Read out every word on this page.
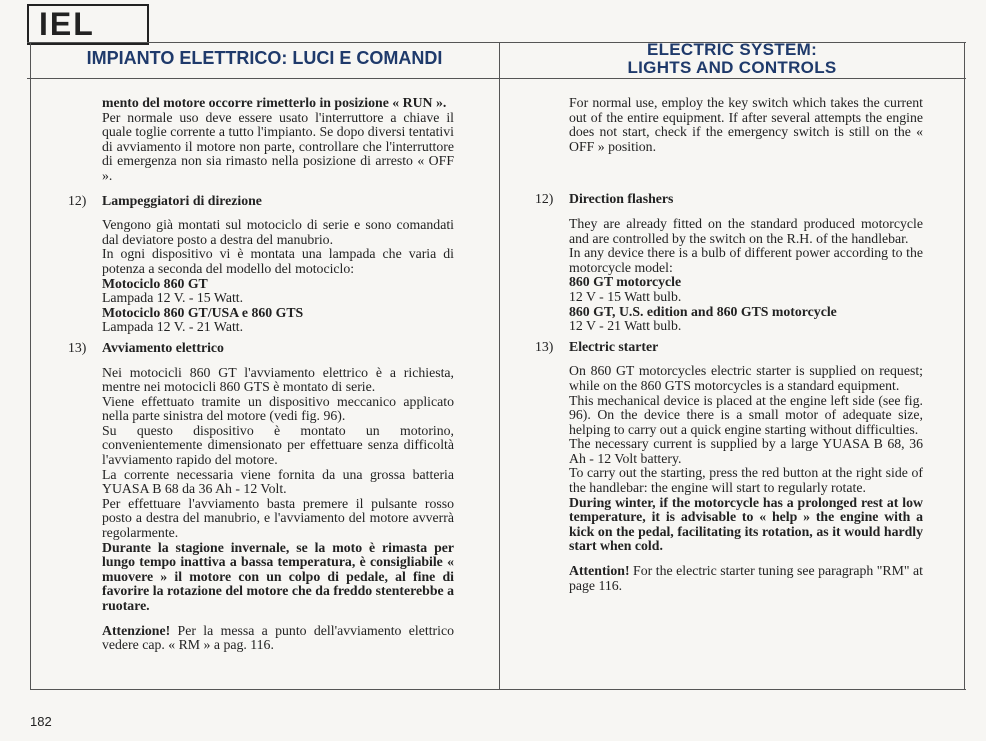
IEL
IMPIANTO ELETTRICO: LUCI E COMANDI	ELECTRIC SYSTEM:
LIGHTS AND CONTROLS

mento del motore occorre rimetterlo in posizione « RUN ».

Per normale uso deve essere usato l'interruttore a chiave il quale toglie corrente a tutto l'impianto. Se dopo diversi tentativi di avviamento il motore non parte, controllare che l'interruttore di emergenza non sia rimasto nella posizione di arresto « OFF ».

12) Lampeggiatori di direzione

Vengono già montati sul motociclo di serie e sono comandati dal deviatore posto a destra del manubrio.

In ogni dispositivo vi è montata una lampada che varia di potenza a seconda del modello del motociclo:

Motociclo 860 GT

Lampada 12 V. - 15 Watt.

Motociclo 860 GT/USA e 860 GTS

Lampada 12 V. - 21 Watt.

13) Avviamento elettrico

Nei motocicli 860 GT l'avviamento elettrico è a richiesta, mentre nei motocicli 860 GTS è montato di serie.

Viene effettuato tramite un dispositivo meccanico applicato nella parte sinistra del motore (vedi fig. 96).

Su questo dispositivo è montato un motorino, convenientemente dimensionato per effettuare senza difficoltà l'avviamento rapido del motore.

La corrente necessaria viene fornita da una grossa batteria YUASA B 68 da 36 Ah - 12 Volt.

Per effettuare l'avviamento basta premere il pulsante rosso posto a destra del manubrio, e l'avviamento del motore avverrà regolarmente.

Durante la stagione invernale, se la moto è rimasta per lungo tempo inattiva a bassa temperatura, è consigliabile « muovere » il motore con un colpo di pedale, al fine di favorire la rotazione del motore che da freddo stenterebbe a ruotare.

Attenzione! Per la messa a punto dell'avviamento elettrico vedere cap. « RM » a pag. 116.

For normal use, employ the key switch which takes the current out of the entire equipment. If after several attempts the engine does not start, check if the emergency switch is still on the « OFF » position.

12) Direction flashers

They are already fitted on the standard produced motorcycle and are controlled by the switch on the R.H. of the handlebar.

In any device there is a bulb of different power according to the motorcycle model:

860 GT motorcycle

12 V - 15 Watt bulb.

860 GT, U.S. edition and 860 GTS motorcycle

12 V - 21 Watt bulb.

13) Electric starter

On 860 GT motorcycles electric starter is supplied on request; while on the 860 GTS motorcycles is a standard equipment.

This mechanical device is placed at the engine left side (see fig. 96). On the device there is a small motor of adequate size, helping to carry out a quick engine starting without difficulties.

The necessary current is supplied by a large YUASA B 68, 36 Ah - 12 Volt battery.

To carry out the starting, press the red button at the right side of the handlebar: the engine will start to regularly rotate.

During winter, if the motorcycle has a prolonged rest at low temperature, it is advisable to « help » the engine with a kick on the pedal, facilitating its rotation, as it would hardly start when cold.

Attention! For the electric starter tuning see paragraph "RM" at page 116.

182
